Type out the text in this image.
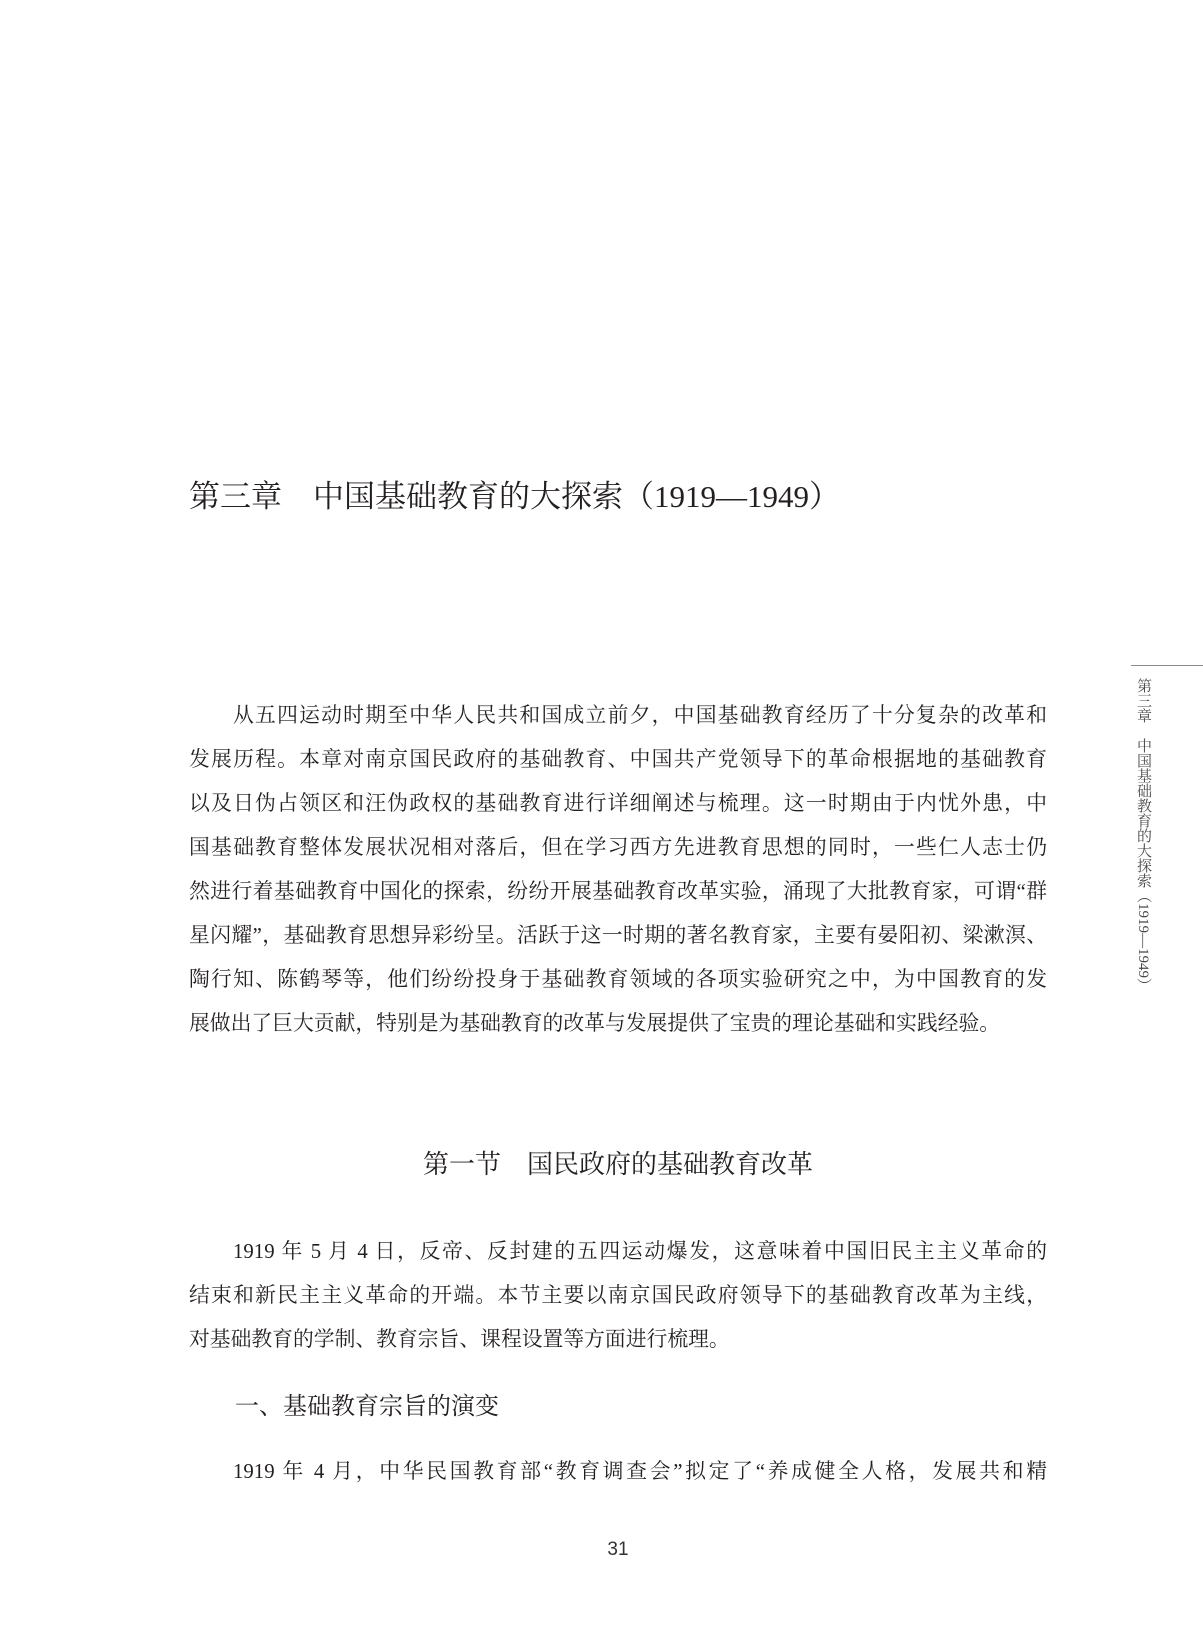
第三章　中国基础教育的大探索（1919—1949）
第三章　中国基础教育的大探索（1919—1949）
从五四运动时期至中华人民共和国成立前夕，中国基础教育经历了十分复杂的改革和
发展历程。本章对南京国民政府的基础教育、中国共产党领导下的革命根据地的基础教育
以及日伪占领区和汪伪政权的基础教育进行详细阐述与梳理。这一时期由于内忧外患，中
国基础教育整体发展状况相对落后，但在学习西方先进教育思想的同时，一些仁人志士仍
然进行着基础教育中国化的探索，纷纷开展基础教育改革实验，涌现了大批教育家，可谓“群
星闪耀”，基础教育思想异彩纷呈。活跃于这一时期的著名教育家，主要有晏阳初、梁漱溟、
陶行知、陈鹤琴等，他们纷纷投身于基础教育领域的各项实验研究之中，为中国教育的发
展做出了巨大贡献，特别是为基础教育的改革与发展提供了宝贵的理论基础和实践经验。
第一节　国民政府的基础教育改革
1919 年 5 月 4 日，反帝、反封建的五四运动爆发，这意味着中国旧民主主义革命的
结束和新民主主义革命的开端。本节主要以南京国民政府领导下的基础教育改革为主线，
对基础教育的学制、教育宗旨、课程设置等方面进行梳理。
一、基础教育宗旨的演变
1919 年 4 月，中华民国教育部“教育调查会”拟定了“养成健全人格，发展共和精
31
